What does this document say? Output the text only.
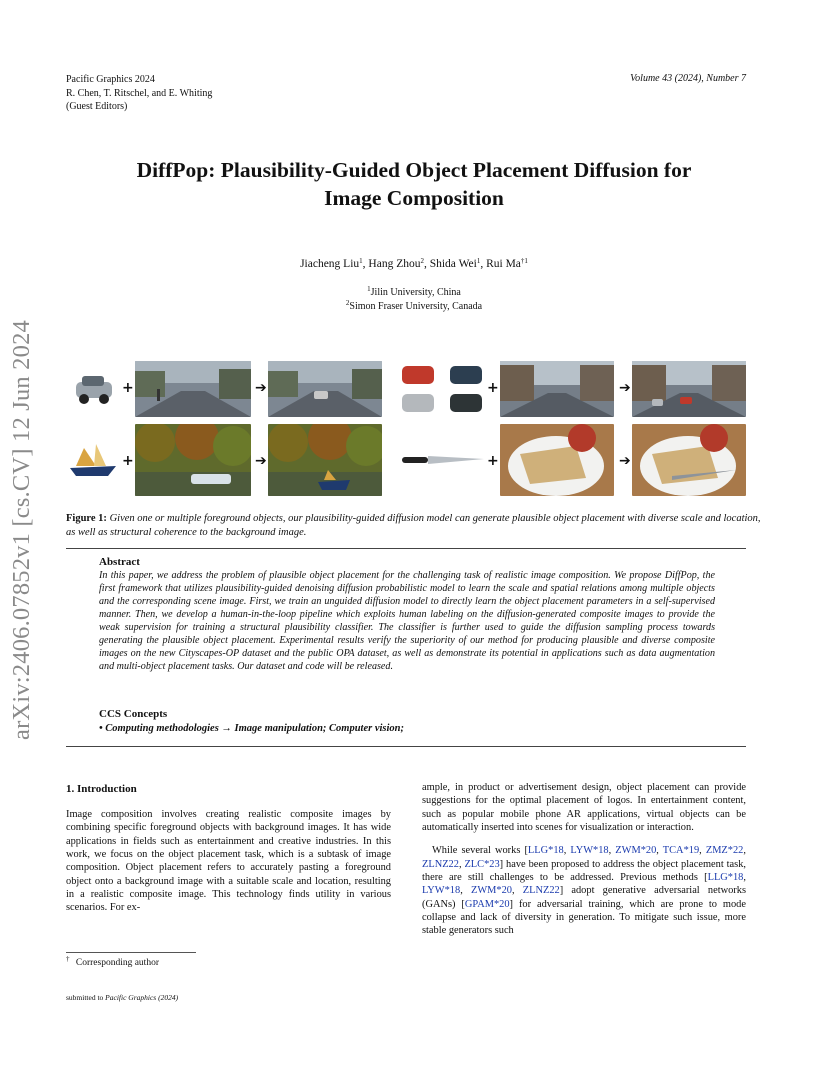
Pacific Graphics 2024
R. Chen, T. Ritschel, and E. Whiting
(Guest Editors)
Volume 43 (2024), Number 7
arXiv:2406.07852v1 [cs.CV] 12 Jun 2024
DiffPop: Plausibility-Guided Object Placement Diffusion for
Image Composition
Jiacheng Liu$^1$, Hang Zhou$^2$, Shida Wei$^1$, Rui Ma$^{\dagger 1}$
$^1$Jilin University, China
$^2$Simon Fraser University, Canada
+	➔	+	➔
+	➔	+	➔
Figure 1: Given one or multiple foreground objects, our plausibility-guided diffusion model can generate plausible object placement with diverse scale and location, as well as structural coherence to the background image.
Abstract
In this paper, we address the problem of plausible object placement for the challenging task of realistic image composition. We propose DiffPop, the first framework that utilizes plausibility-guided denoising diffusion probabilistic model to learn the scale and spatial relations among multiple objects and the corresponding scene image. First, we train an unguided diffusion model to directly learn the object placement parameters in a self-supervised manner. Then, we develop a human-in-the-loop pipeline which exploits human labeling on the diffusion-generated composite images to provide the weak supervision for training a structural plausibility classifier. The classifier is further used to guide the diffusion sampling process towards generating the plausible object placement. Experimental results verify the superiority of our method for producing plausible and diverse composite images on the new Cityscapes-OP dataset and the public OPA dataset, as well as demonstrate its potential in applications such as data augmentation and multi-object placement tasks. Our dataset and code will be released.
CCS Concepts
• Computing methodologies → Image manipulation; Computer vision;
1. Introduction

Image composition involves creating realistic composite images by combining specific foreground objects with background images. It has wide applications in fields such as entertainment and creative industries. In this work, we focus on the object placement task, which is a subtask of image composition. Object placement refers to accurately pasting a foreground object onto a background image with a suitable scale and location, resulting in a realistic composite image. This technology finds utility in various scenarios. For ex-

ample, in product or advertisement design, object placement can provide suggestions for the optimal placement of logos. In entertainment content, such as popular mobile phone AR applications, virtual objects can be automatically inserted into scenes for visualization or interaction.

While several works [LLG*18, LYW*18, ZWM*20, TCA*19, ZMZ*22, ZLNZ22, ZLC*23] have been proposed to address the object placement task, there are still challenges to be addressed. Previous methods [LLG*18, LYW*18, ZWM*20, ZLNZ22] adopt generative adversarial networks (GANs) [GPAM*20] for adversarial training, which are prone to mode collapse and lack of diversity in generation. To mitigate such issue, more stable generators such

† Corresponding author
submitted to Pacific Graphics (2024)
